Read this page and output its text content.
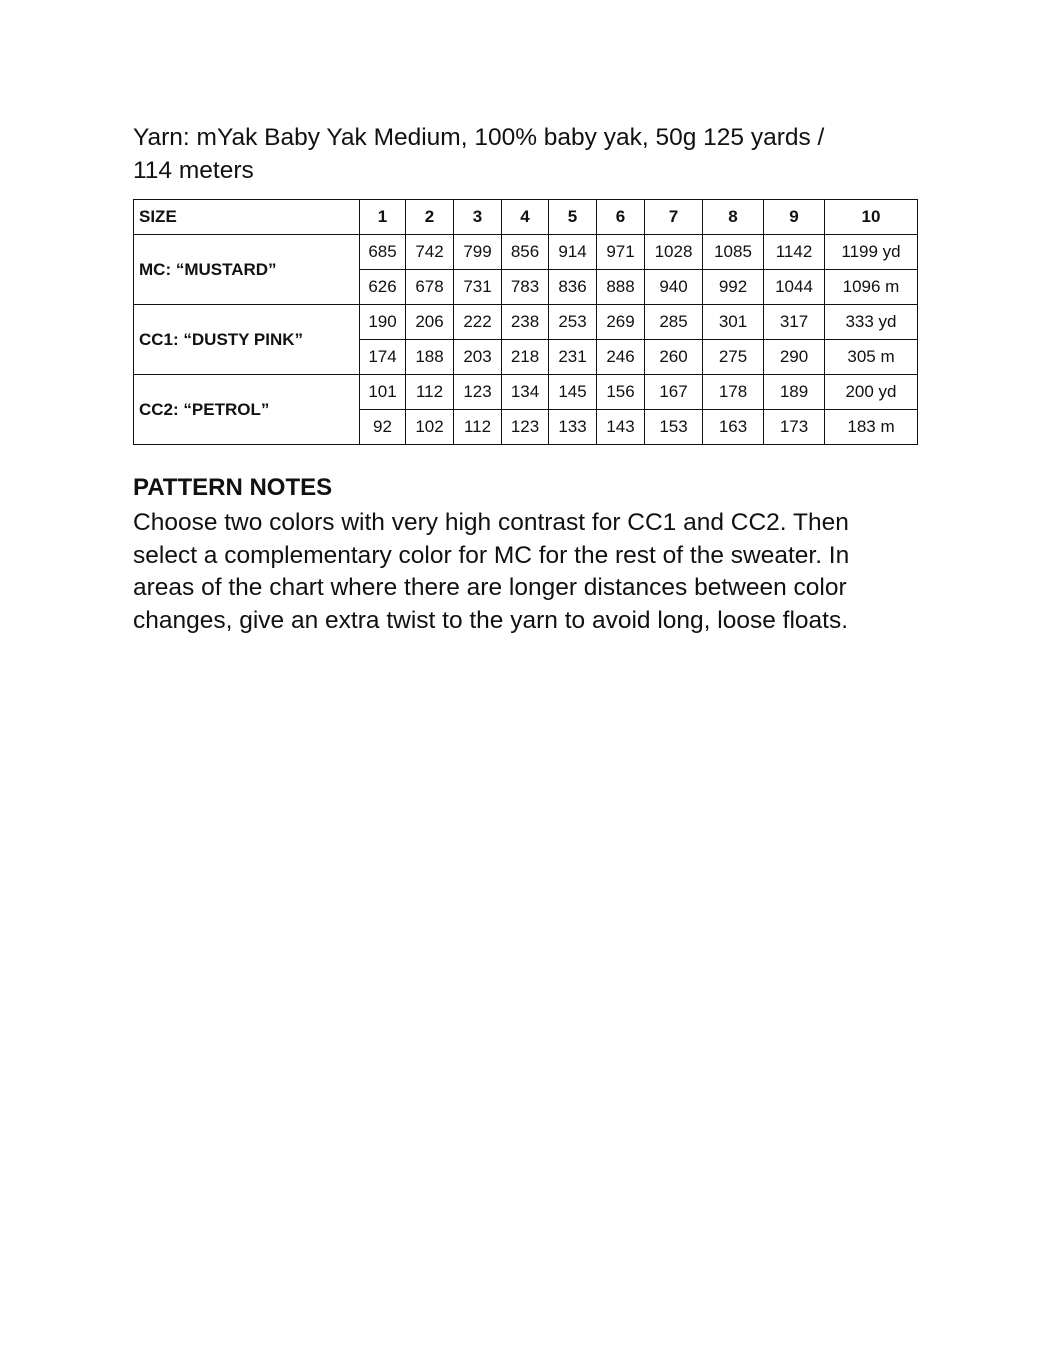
Yarn: mYak Baby Yak Medium, 100% baby yak, 50g 125 yards /
114 meters

SIZE	1	2	3	4	5	6	7	8	9	10
MC: “MUSTARD”	685	742	799	856	914	971	1028	1085	1142	1199 yd
	626	678	731	783	836	888	940	992	1044	1096 m
CC1: “DUSTY PINK”	190	206	222	238	253	269	285	301	317	333 yd
	174	188	203	218	231	246	260	275	290	305 m
CC2: “PETROL”	101	112	123	134	145	156	167	178	189	200 yd
	92	102	112	123	133	143	153	163	173	183 m
PATTERN NOTES

Choose two colors with very high contrast for CC1 and CC2. Then
select a complementary color for MC for the rest of the sweater. In
areas of the chart where there are longer distances between color
changes, give an extra twist to the yarn to avoid long, loose floats.
